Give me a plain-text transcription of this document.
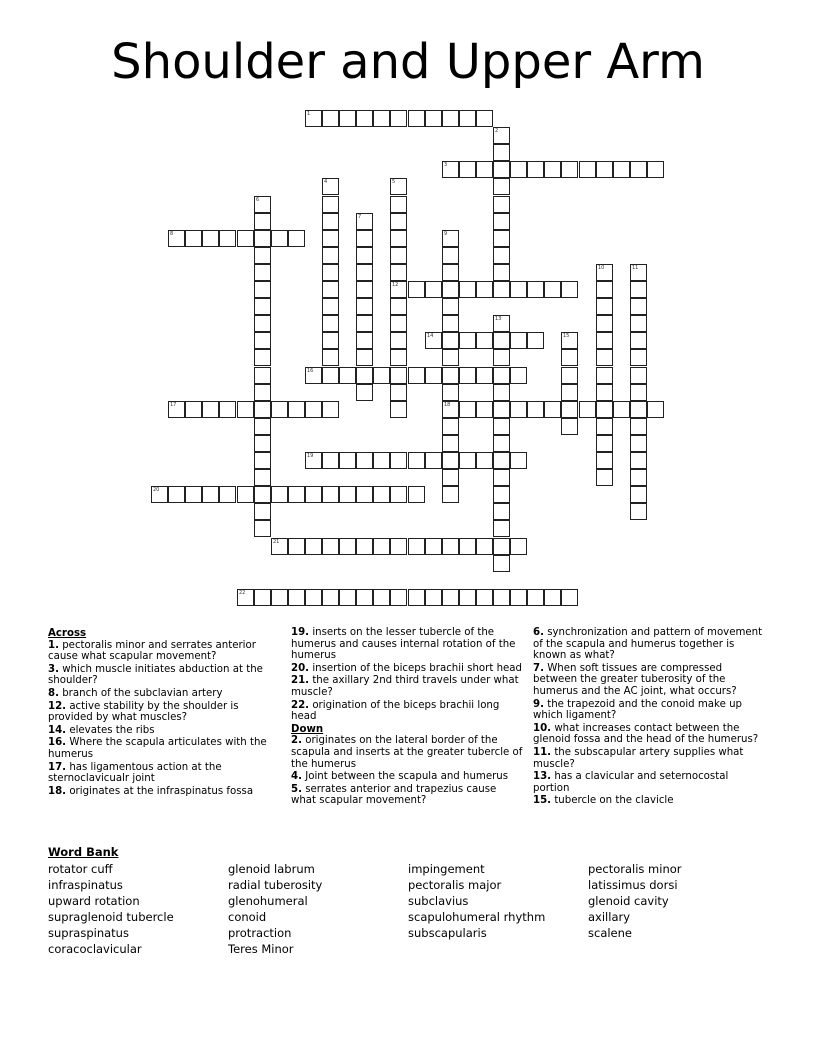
Shoulder and Upper Arm
1
2
3
4	5
12
6
7
8	9
18
10	11
13
14	15
16
17
19
20
21
22
Across
1. pectoralis minor and serrates anterior cause what scapular movement?
3. which muscle initiates abduction at the shoulder?
8. branch of the subclavian artery
12. active stability by the shoulder is provided by what muscles?
14. elevates the ribs
16. Where the scapula articulates with the humerus
17. has ligamentous action at the sternoclavicualr joint
18. originates at the infraspinatus fossa
19. inserts on the lesser tubercle of the humerus and causes internal rotation of the humerus
20. insertion of the biceps brachii short head
21. the axillary 2nd third travels under what muscle?
22. origination of the biceps brachii long head
Down
2. originates on the lateral border of the scapula and inserts at the greater tubercle of the humerus
4. Joint between the scapula and humerus
5. serrates anterior and trapezius cause what scapular movement?
6. synchronization and pattern of movement of the scapula and humerus together is known as what?
7. When soft tissues are compressed between the greater tuberosity of the humerus and the AC joint, what occurs?
9. the trapezoid and the conoid make up which ligament?
10. what increases contact between the glenoid fossa and the head of the humerus?
11. the subscapular artery supplies what muscle?
13. has a clavicular and seternocostal portion
15. tubercle on the clavicle
Word Bank
rotator cuff
infraspinatus
upward rotation
supraglenoid tubercle
supraspinatus
coracoclavicular
glenoid labrum
radial tuberosity
glenohumeral
conoid
protraction
Teres Minor
impingement
pectoralis major
subclavius
scapulohumeral rhythm
subscapularis
pectoralis minor
latissimus dorsi
glenoid cavity
axillary
scalene
